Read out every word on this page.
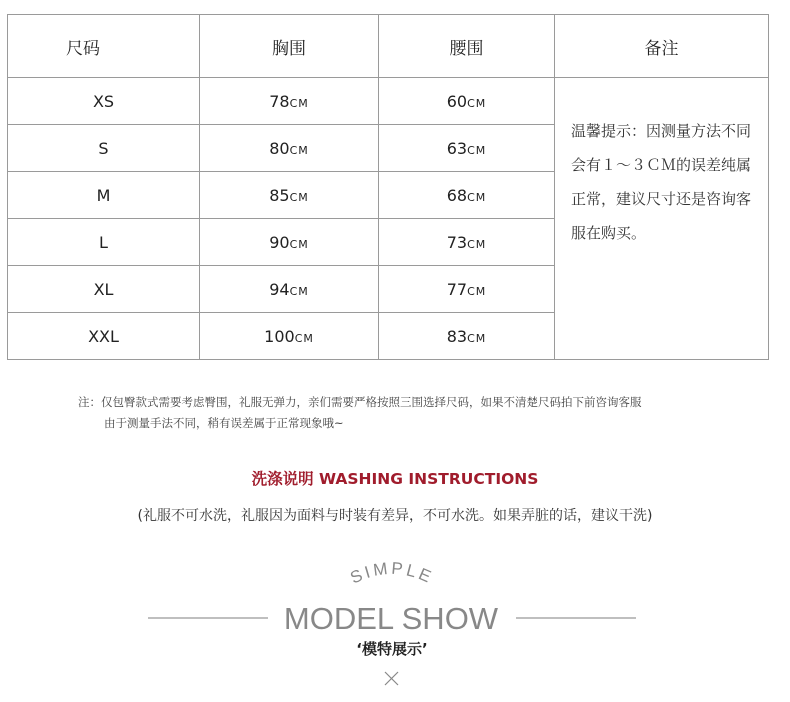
尺码	胸围	腰围	备注
XS	78CM	60CM	温馨提示：因测量方法不同会有１～３ＣＭ的误差纯属正常，建议尺寸还是咨询客服在购买。
S	80CM	63CM	
M	85CM	68CM	
L	90CM	73CM	
XL	94CM	77CM	
XXL	100CM	83CM	
注：仅包臀款式需要考虑臀围，礼服无弹力，亲们需要严格按照三围选择尺码，如果不清楚尺码拍下前咨询客服
由于测量手法不同，稍有误差属于正常现象哦~
洗涤说明 WASHING INSTRUCTIONS
(礼服不可水洗，礼服因为面料与时装有差异，不可水洗。如果弄脏的话，建议干洗)
SIMPLE
MODEL SHOW
‘模特展示’
